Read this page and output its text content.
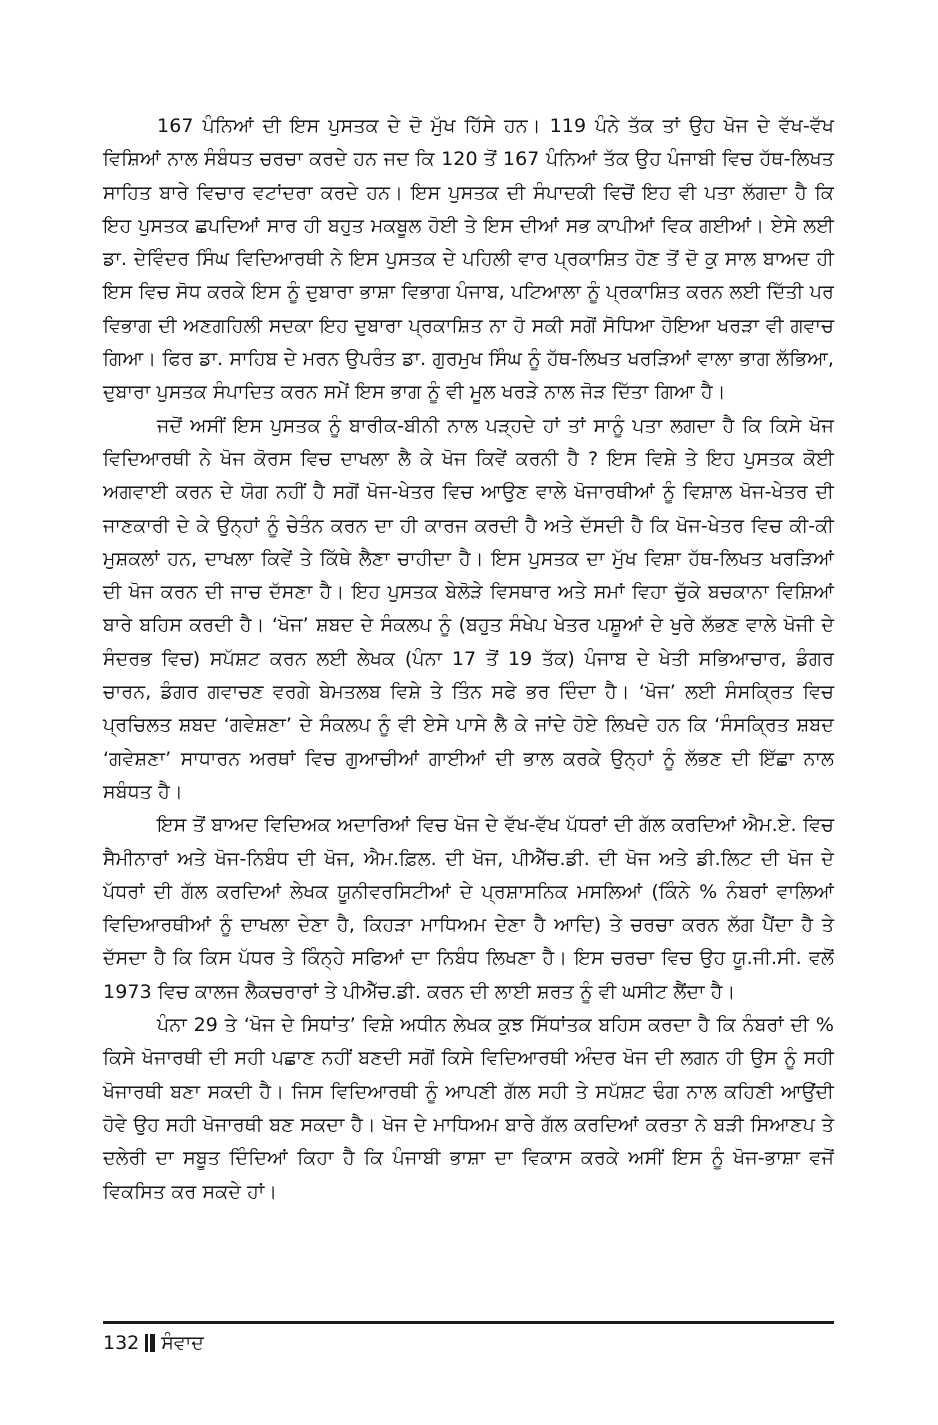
167 ਪੰਨਿਆਂ ਦੀ ਇਸ ਪੁਸਤਕ ਦੇ ਦੋ ਮੁੱਖ ਹਿੱਸੇ ਹਨ। 119 ਪੰਨੇ ਤੱਕ ਤਾਂ ਉਹ ਖੋਜ ਦੇ ਵੱਖ-ਵੱਖ ਵਿਸ਼ਿਆਂ ਨਾਲ ਸੰਬੰਧਤ ਚਰਚਾ ਕਰਦੇ ਹਨ ਜਦ ਕਿ 120 ਤੋਂ 167 ਪੰਨਿਆਂ ਤੱਕ ਉਹ ਪੰਜਾਬੀ ਵਿਚ ਹੱਥ-ਲਿਖਤ ਸਾਹਿਤ ਬਾਰੇ ਵਿਚਾਰ ਵਟਾਂਦਰਾ ਕਰਦੇ ਹਨ। ਇਸ ਪੁਸਤਕ ਦੀ ਸੰਪਾਦਕੀ ਵਿਚੋਂ ਇਹ ਵੀ ਪਤਾ ਲੱਗਦਾ ਹੈ ਕਿ ਇਹ ਪੁਸਤਕ ਛਪਦਿਆਂ ਸਾਰ ਹੀ ਬਹੁਤ ਮਕਬੂਲ ਹੋਈ ਤੇ ਇਸ ਦੀਆਂ ਸਭ ਕਾਪੀਆਂ ਵਿਕ ਗਈਆਂ। ਏਸੇ ਲਈ ਡਾ. ਦੇਵਿੰਦਰ ਸਿੰਘ ਵਿਦਿਆਰਥੀ ਨੇ ਇਸ ਪੁਸਤਕ ਦੇ ਪਹਿਲੀ ਵਾਰ ਪ੍ਰਕਾਸ਼ਿਤ ਹੋਣ ਤੋਂ ਦੋ ਕੁ ਸਾਲ ਬਾਅਦ ਹੀ ਇਸ ਵਿਚ ਸੋਧ ਕਰਕੇ ਇਸ ਨੂੰ ਦੁਬਾਰਾ ਭਾਸ਼ਾ ਵਿਭਾਗ ਪੰਜਾਬ, ਪਟਿਆਲਾ ਨੂੰ ਪ੍ਰਕਾਸ਼ਿਤ ਕਰਨ ਲਈ ਦਿੱਤੀ ਪਰ ਵਿਭਾਗ ਦੀ ਅਣਗਹਿਲੀ ਸਦਕਾ ਇਹ ਦੁਬਾਰਾ ਪ੍ਰਕਾਸ਼ਿਤ ਨਾ ਹੋ ਸਕੀ ਸਗੋਂ ਸੋਧਿਆ ਹੋਇਆ ਖਰੜਾ ਵੀ ਗਵਾਚ ਗਿਆ। ਫਿਰ ਡਾ. ਸਾਹਿਬ ਦੇ ਮਰਨ ਉਪਰੰਤ ਡਾ. ਗੁਰਮੁਖ ਸਿੰਘ ਨੂੰ ਹੱਥ-ਲਿਖਤ ਖਰੜਿਆਂ ਵਾਲਾ ਭਾਗ ਲੱਭਿਆ, ਦੁਬਾਰਾ ਪੁਸਤਕ ਸੰਪਾਦਿਤ ਕਰਨ ਸਮੇਂ ਇਸ ਭਾਗ ਨੂੰ ਵੀ ਮੂਲ ਖਰੜੇ ਨਾਲ ਜੋੜ ਦਿੱਤਾ ਗਿਆ ਹੈ।

ਜਦੋਂ ਅਸੀਂ ਇਸ ਪੁਸਤਕ ਨੂੰ ਬਾਰੀਕ-ਬੀਨੀ ਨਾਲ ਪੜ੍ਹਦੇ ਹਾਂ ਤਾਂ ਸਾਨੂੰ ਪਤਾ ਲਗਦਾ ਹੈ ਕਿ ਕਿਸੇ ਖੋਜ ਵਿਦਿਆਰਥੀ ਨੇ ਖੋਜ ਕੋਰਸ ਵਿਚ ਦਾਖਲਾ ਲੈ ਕੇ ਖੋਜ ਕਿਵੇਂ ਕਰਨੀ ਹੈ ? ਇਸ ਵਿਸ਼ੇ ਤੇ ਇਹ ਪੁਸਤਕ ਕੋਈ ਅਗਵਾਈ ਕਰਨ ਦੇ ਯੋਗ ਨਹੀਂ ਹੈ ਸਗੋਂ ਖੋਜ-ਖੇਤਰ ਵਿਚ ਆਉਣ ਵਾਲੇ ਖੋਜਾਰਥੀਆਂ ਨੂੰ ਵਿਸ਼ਾਲ ਖੋਜ-ਖੇਤਰ ਦੀ ਜਾਣਕਾਰੀ ਦੇ ਕੇ ਉਨ੍ਹਾਂ ਨੂੰ ਚੇਤੰਨ ਕਰਨ ਦਾ ਹੀ ਕਾਰਜ ਕਰਦੀ ਹੈ ਅਤੇ ਦੱਸਦੀ ਹੈ ਕਿ ਖੋਜ-ਖੇਤਰ ਵਿਚ ਕੀ-ਕੀ ਮੁਸ਼ਕਲਾਂ ਹਨ, ਦਾਖਲਾ ਕਿਵੇਂ ਤੇ ਕਿੱਥੇ ਲੈਣਾ ਚਾਹੀਦਾ ਹੈ। ਇਸ ਪੁਸਤਕ ਦਾ ਮੁੱਖ ਵਿਸ਼ਾ ਹੱਥ-ਲਿਖਤ ਖਰੜਿਆਂ ਦੀ ਖੋਜ ਕਰਨ ਦੀ ਜਾਚ ਦੱਸਣਾ ਹੈ। ਇਹ ਪੁਸਤਕ ਬੇਲੋੜੇ ਵਿਸਥਾਰ ਅਤੇ ਸਮਾਂ ਵਿਹਾ ਚੁੱਕੇ ਬਚਕਾਨਾ ਵਿਸ਼ਿਆਂ ਬਾਰੇ ਬਹਿਸ ਕਰਦੀ ਹੈ। ‘ਖੋਜ’ ਸ਼ਬਦ ਦੇ ਸੰਕਲਪ ਨੂੰ (ਬਹੁਤ ਸੰਖੇਪ ਖੇਤਰ ਪਸ਼ੂਆਂ ਦੇ ਖੁਰੇ ਲੱਭਣ ਵਾਲੇ ਖੋਜੀ ਦੇ ਸੰਦਰਭ ਵਿਚ) ਸਪੱਸ਼ਟ ਕਰਨ ਲਈ ਲੇਖਕ (ਪੰਨਾ 17 ਤੋਂ 19 ਤੱਕ) ਪੰਜਾਬ ਦੇ ਖੇਤੀ ਸਭਿਆਚਾਰ, ਡੰਗਰ ਚਾਰਨ, ਡੰਗਰ ਗਵਾਚਣ ਵਰਗੇ ਬੇਮਤਲਬ ਵਿਸ਼ੇ ਤੇ ਤਿੰਨ ਸਫੇ ਭਰ ਦਿੰਦਾ ਹੈ। ‘ਖੋਜ’ ਲਈ ਸੰਸਕ੍ਰਿਤ ਵਿਚ ਪ੍ਰਚਿਲਤ ਸ਼ਬਦ ‘ਗਵੇਸ਼ਣਾ’ ਦੇ ਸੰਕਲਪ ਨੂੰ ਵੀ ਏਸੇ ਪਾਸੇ ਲੈ ਕੇ ਜਾਂਦੇ ਹੋਏ ਲਿਖਦੇ ਹਨ ਕਿ ‘ਸੰਸਕ੍ਰਿਤ ਸ਼ਬਦ ‘ਗਵੇਸ਼ਣਾ’ ਸਾਧਾਰਨ ਅਰਥਾਂ ਵਿਚ ਗੁਆਚੀਆਂ ਗਾਈਆਂ ਦੀ ਭਾਲ ਕਰਕੇ ਉਨ੍ਹਾਂ ਨੂੰ ਲੱਭਣ ਦੀ ਇੱਛਾ ਨਾਲ ਸਬੰਧਤ ਹੈ।

ਇਸ ਤੋਂ ਬਾਅਦ ਵਿਦਿਅਕ ਅਦਾਰਿਆਂ ਵਿਚ ਖੋਜ ਦੇ ਵੱਖ-ਵੱਖ ਪੱਧਰਾਂ ਦੀ ਗੱਲ ਕਰਦਿਆਂ ਐਮ.ਏ. ਵਿਚ ਸੈਮੀਨਾਰਾਂ ਅਤੇ ਖੋਜ-ਨਿਬੰਧ ਦੀ ਖੋਜ, ਐਮ.ਫ਼ਿਲ. ਦੀ ਖੋਜ, ਪੀਐੱਚ.ਡੀ. ਦੀ ਖੋਜ ਅਤੇ ਡੀ.ਲਿਟ ਦੀ ਖੋਜ ਦੇ ਪੱਧਰਾਂ ਦੀ ਗੱਲ ਕਰਦਿਆਂ ਲੇਖਕ ਯੂਨੀਵਰਸਿਟੀਆਂ ਦੇ ਪ੍ਰਸ਼ਾਸਨਿਕ ਮਸਲਿਆਂ (ਕਿੰਨੇ % ਨੰਬਰਾਂ ਵਾਲਿਆਂ ਵਿਦਿਆਰਥੀਆਂ ਨੂੰ ਦਾਖਲਾ ਦੇਣਾ ਹੈ, ਕਿਹੜਾ ਮਾਧਿਅਮ ਦੇਣਾ ਹੈ ਆਦਿ) ਤੇ ਚਰਚਾ ਕਰਨ ਲੱਗ ਪੈਂਦਾ ਹੈ ਤੇ ਦੱਸਦਾ ਹੈ ਕਿ ਕਿਸ ਪੱਧਰ ਤੇ ਕਿੰਨ੍ਹੇ ਸਫਿਆਂ ਦਾ ਨਿਬੰਧ ਲਿਖਣਾ ਹੈ। ਇਸ ਚਰਚਾ ਵਿਚ ਉਹ ਯੂ.ਜੀ.ਸੀ. ਵਲੋਂ 1973 ਵਿਚ ਕਾਲਜ ਲੈਕਚਰਾਰਾਂ ਤੇ ਪੀਐੱਚ.ਡੀ. ਕਰਨ ਦੀ ਲਾਈ ਸ਼ਰਤ ਨੂੰ ਵੀ ਘਸੀਟ ਲੈਂਦਾ ਹੈ।

ਪੰਨਾ 29 ਤੇ ‘ਖੋਜ ਦੇ ਸਿਧਾਂਤ’ ਵਿਸ਼ੇ ਅਧੀਨ ਲੇਖਕ ਕੁਝ ਸਿੱਧਾਂਤਕ ਬਹਿਸ ਕਰਦਾ ਹੈ ਕਿ ਨੰਬਰਾਂ ਦੀ % ਕਿਸੇ ਖੋਜਾਰਥੀ ਦੀ ਸਹੀ ਪਛਾਣ ਨਹੀਂ ਬਣਦੀ ਸਗੋਂ ਕਿਸੇ ਵਿਦਿਆਰਥੀ ਅੰਦਰ ਖੋਜ ਦੀ ਲਗਨ ਹੀ ਉਸ ਨੂੰ ਸਹੀ ਖੋਜਾਰਥੀ ਬਣਾ ਸਕਦੀ ਹੈ। ਜਿਸ ਵਿਦਿਆਰਥੀ ਨੂੰ ਆਪਣੀ ਗੱਲ ਸਹੀ ਤੇ ਸਪੱਸ਼ਟ ਢੰਗ ਨਾਲ ਕਹਿਣੀ ਆਉਂਦੀ ਹੋਵੇ ਉਹ ਸਹੀ ਖੋਜਾਰਥੀ ਬਣ ਸਕਦਾ ਹੈ। ਖੋਜ ਦੇ ਮਾਧਿਅਮ ਬਾਰੇ ਗੱਲ ਕਰਦਿਆਂ ਕਰਤਾ ਨੇ ਬੜੀ ਸਿਆਣਪ ਤੇ ਦਲੇਰੀ ਦਾ ਸਬੂਤ ਦਿੰਦਿਆਂ ਕਿਹਾ ਹੈ ਕਿ ਪੰਜਾਬੀ ਭਾਸ਼ਾ ਦਾ ਵਿਕਾਸ ਕਰਕੇ ਅਸੀਂ ਇਸ ਨੂੰ ਖੋਜ-ਭਾਸ਼ਾ ਵਜੋਂ ਵਿਕਸਿਤ ਕਰ ਸਕਦੇ ਹਾਂ।

132 ਸੰਵਾਦ
